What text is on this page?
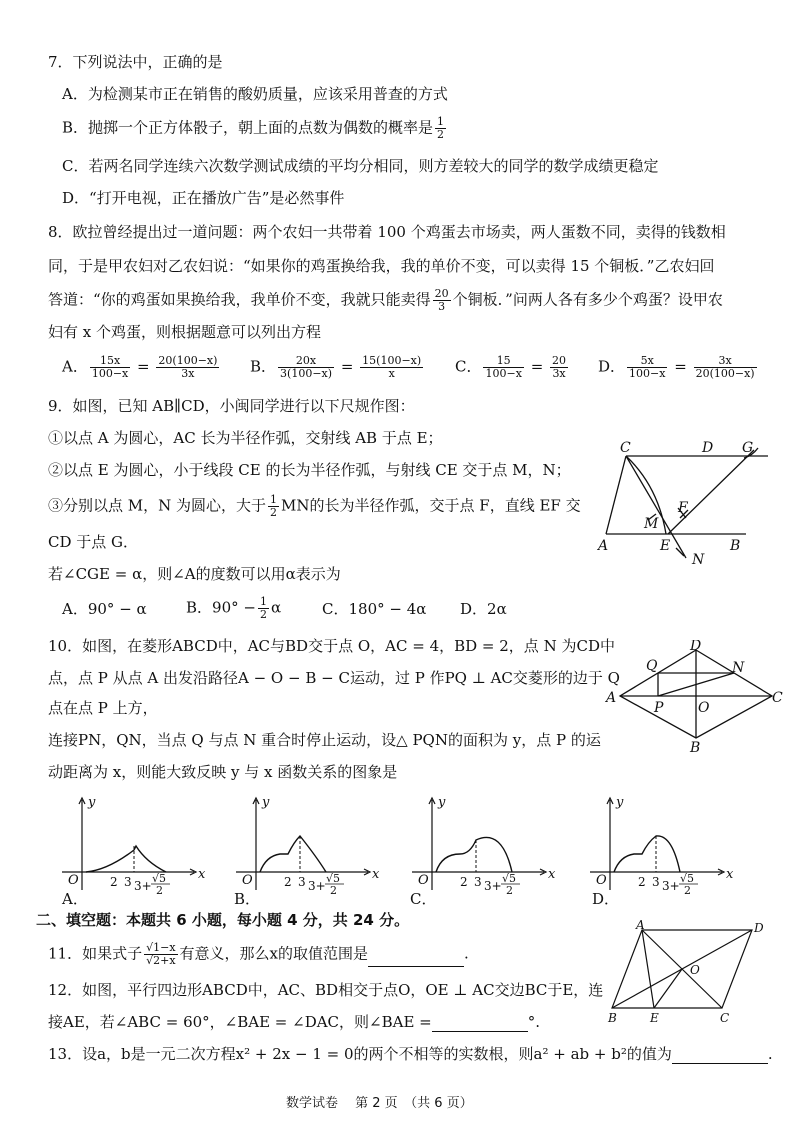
7．下列说法中，正确的是
A．为检测某市正在销售的酸奶质量，应该采用普查的方式
B．抛掷一个正方体骰子，朝上面的点数为偶数的概率是 $\frac{1}{2}$
C．若两名同学连续六次数学测试成绩的平均分相同，则方差较大的同学的数学成绩更稳定
D．“打开电视，正在播放广告”是必然事件
8．欧拉曾经提出过一道问题：两个农妇一共带着 100 个鸡蛋去市场卖，两人蛋数不同，卖得的钱数相
同，于是甲农妇对乙农妇说：“如果你的鸡蛋换给我，我的单价不变，可以卖得 15 个铜板．”乙农妇回
答道：“你的鸡蛋如果换给我，我单价不变，我就只能卖得 $\frac{20}{3}$ 个铜板．”问两人各有多少个鸡蛋？设甲农
妇有 x 个鸡蛋，则根据题意可以列出方程
A． $\frac{15x}{100-x} = \frac{20(100-x)}{3x}$ B． $\frac{20x}{3(100-x)} = \frac{15(100-x)}{x}$ C． $\frac{15}{100-x} = \frac{20}{3x}$ D． $\frac{5x}{100-x} = \frac{3x}{20(100-x)}$
9．如图，已知 AB∥CD，小闽同学进行以下尺规作图：
①以点 A 为圆心，AC 长为半径作弧，交射线 AB 于点 E；
②以点 E 为圆心，小于线段 CE 的长为半径作弧，与射线 CE 交于点 M，N；
③分别以点 M，N 为圆心，大于 $\frac{1}{2}$ MN的长为半径作弧，交于点 F，直线 EF 交
CD 于点 G．
若∠CGE = α，则∠A的度数可以用α表示为
A．90° − α	B．$90^\circ - \frac{1}{2}$ α	C．180° − 4α D．2α
C	D G
M
F
A	E	B
N
10．如图，在菱形ABCD中，AC与BD交于点 O，AC = 4，BD = 2，点 N 为CD中
点，点 P 从点 A 出发沿路径A − O − B − C运动，过 P 作PQ ⊥ AC交菱形的边于 Q
点在点 P 上方，
连接PN，QN，当点 Q 与点 N 重合时停止运动，设△ PQN的面积为 y，点 P 的运
动距离为 x，则能大致反映 y 与 x 函数关系的图象是
D
Q	N
A
P O
C
B
y
x
O	2 3 3+
√5
2
y
x
O	2 3 3+
√5
2
y
x
O	2 3 3+
√5
2
y
x
O	2 3 3+
√5
2
A．	B．	C．	D．
二、填空题：本题共 6 小题，每小题 4 分，共 24 分。
11．如果式子 $\frac{√1-x}{√2+x}$ 有意义，那么x的取值范围是	.
12．如图，平行四边形ABCD中，AC、BD相交于点O，OE ⊥ AC交边BC于E，连
接AE，若∠ABC = 60°，∠BAE = ∠DAC，则∠BAE =	°.
A	D
O
B	E	C
13．设a，b是一元二次方程x² + 2x − 1 = 0的两个不相等的实数根，则a² + ab + b²的值为	.
数学试卷　 第 2 页　（共 6 页）
